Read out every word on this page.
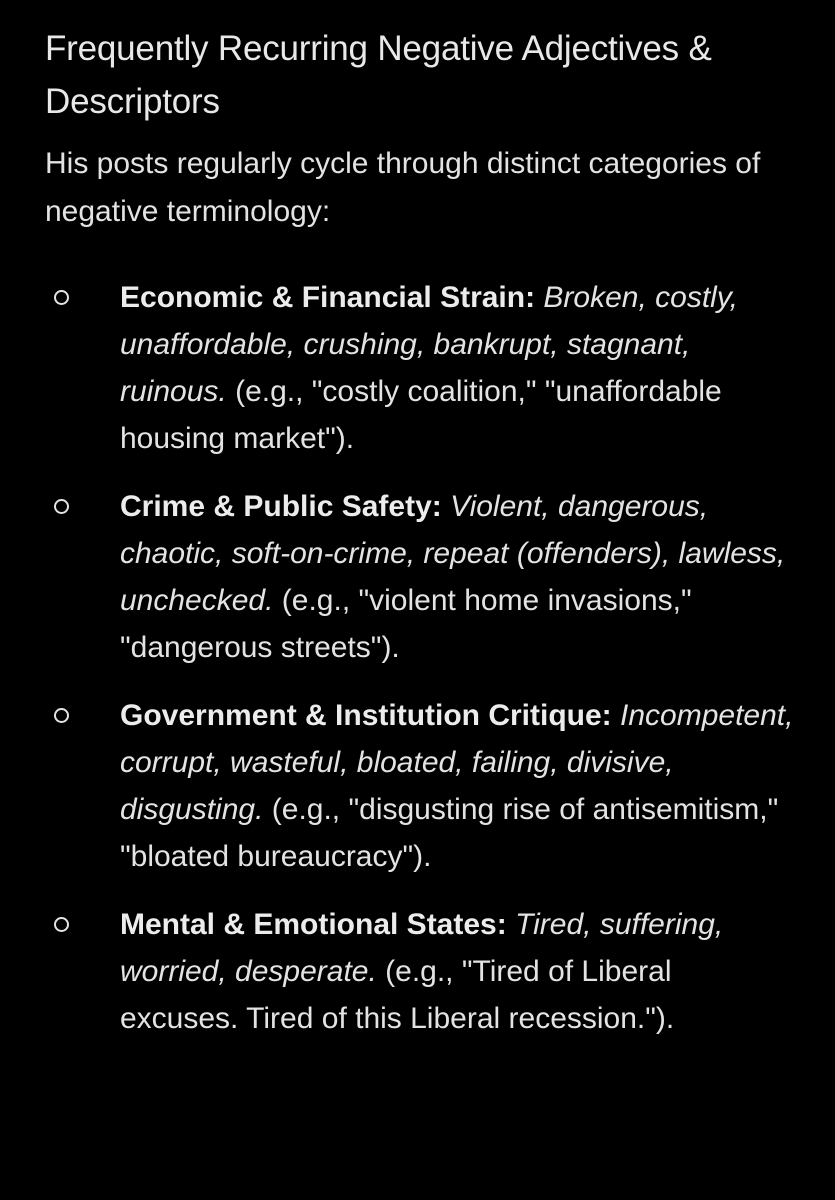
Frequently Recurring Negative Adjectives & Descriptors

His posts regularly cycle through distinct categories of negative terminology:

Economic & Financial Strain: Broken, costly, unaffordable, crushing, bankrupt, stagnant, ruinous. (e.g., "costly coalition," "unaffordable housing market").
Crime & Public Safety: Violent, dangerous, chaotic, soft-on-crime, repeat (offenders), lawless, unchecked. (e.g., "violent home invasions," "dangerous streets").
Government & Institution Critique: Incompetent, corrupt, wasteful, bloated, failing, divisive, disgusting. (e.g., "disgusting rise of antisemitism," "bloated bureaucracy").
Mental & Emotional States: Tired, suffering, worried, desperate. (e.g., "Tired of Liberal excuses. Tired of this Liberal recession.").
